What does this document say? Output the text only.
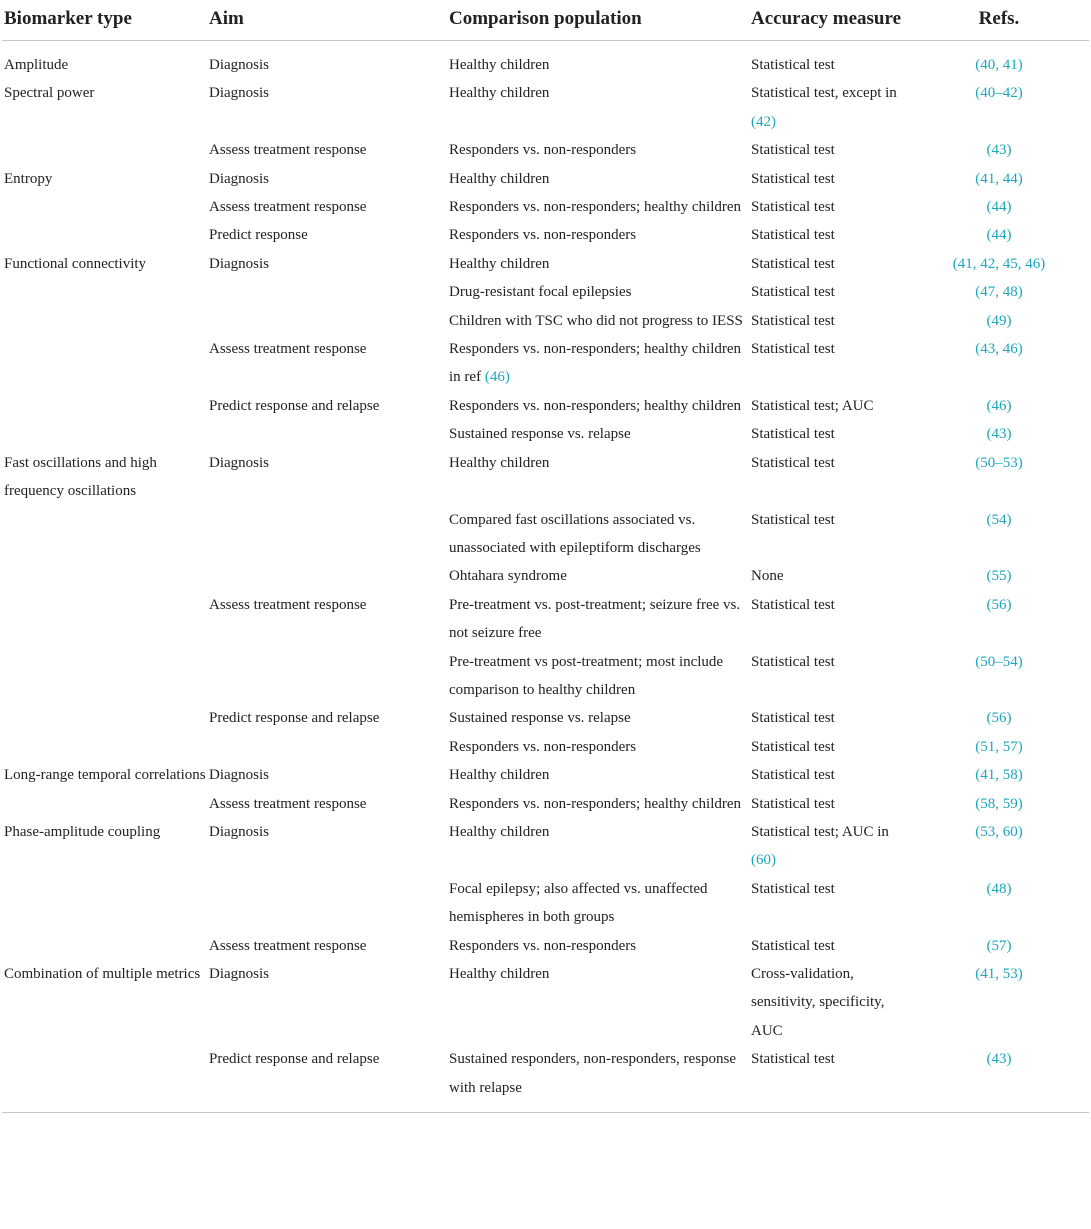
Biomarker type	Aim	Comparison population	Accuracy measure	Refs.

Amplitude	Diagnosis	Healthy children	Statistical test	(40, 41)
Spectral power	Diagnosis	Healthy children	Statistical test, except in (42)	(40–42)
	Assess treatment response	Responders vs. non-responders	Statistical test	(43)
Entropy	Diagnosis	Healthy children	Statistical test	(41, 44)
	Assess treatment response	Responders vs. non-responders; healthy children	Statistical test	(44)
	Predict response	Responders vs. non-responders	Statistical test	(44)
Functional connectivity	Diagnosis	Healthy children	Statistical test	(41, 42, 45, 46)
		Drug-resistant focal epilepsies	Statistical test	(47, 48)
		Children with TSC who did not progress to IESS	Statistical test	(49)
	Assess treatment response	Responders vs. non-responders; healthy children in ref (46)	Statistical test	(43, 46)
	Predict response and relapse	Responders vs. non-responders; healthy children	Statistical test; AUC	(46)
		Sustained response vs. relapse	Statistical test	(43)
Fast oscillations and high frequency oscillations	Diagnosis	Healthy children	Statistical test	(50–53)
		Compared fast oscillations associated vs. unassociated with epileptiform discharges	Statistical test	(54)
		Ohtahara syndrome	None	(55)
	Assess treatment response	Pre-treatment vs. post-treatment; seizure free vs. not seizure free	Statistical test	(56)
		Pre-treatment vs post-treatment; most include comparison to healthy children	Statistical test	(50–54)
	Predict response and relapse	Sustained response vs. relapse	Statistical test	(56)
		Responders vs. non-responders	Statistical test	(51, 57)
Long-range temporal correlations	Diagnosis	Healthy children	Statistical test	(41, 58)
	Assess treatment response	Responders vs. non-responders; healthy children	Statistical test	(58, 59)
Phase-amplitude coupling	Diagnosis	Healthy children	Statistical test; AUC in (60)	(53, 60)
		Focal epilepsy; also affected vs. unaffected hemispheres in both groups	Statistical test	(48)
	Assess treatment response	Responders vs. non-responders	Statistical test	(57)
Combination of multiple metrics	Diagnosis	Healthy children	Cross-validation, sensitivity, specificity, AUC	(41, 53)
	Predict response and relapse	Sustained responders, non-responders, response with relapse	Statistical test	(43)
